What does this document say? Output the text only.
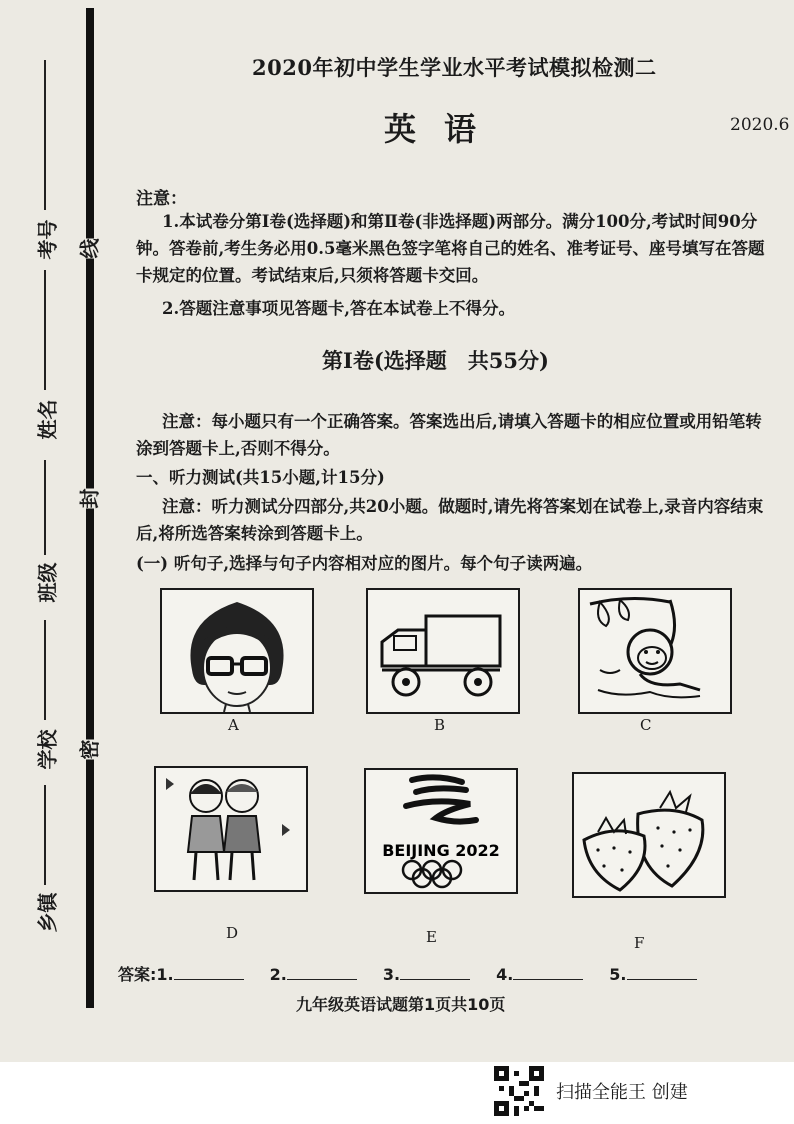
考号
姓名
班级
学校
乡镇
线
封
密
2020年初中学生学业水平考试模拟检测二
英语	2020.6
注意：
1.本试卷分第Ⅰ卷(选择题)和第Ⅱ卷(非选择题)两部分。满分100分,考试时间90分钟。答卷前,考生务必用0.5毫米黑色签字笔将自己的姓名、准考证号、座号填写在答题卡规定的位置。考试结束后,只须将答题卡交回。
2.答题注意事项见答题卡,答在本试卷上不得分。
第Ⅰ卷(选择题　共55分)
注意：每小题只有一个正确答案。答案选出后,请填入答题卡的相应位置或用铅笔转涂到答题卡上,否则不得分。
一、听力测试(共15小题,计15分)
注意：听力测试分四部分,共20小题。做题时,请先将答案划在试卷上,录音内容结束后,将所选答案转涂到答题卡上。
(一) 听句子,选择与句子内容相对应的图片。每个句子读两遍。
A	B	C
D
BEIJING 2022
E	F
答案:1.	2.	3.	4.	5.
九年级英语试题第1页共10页
扫描全能王 创建
